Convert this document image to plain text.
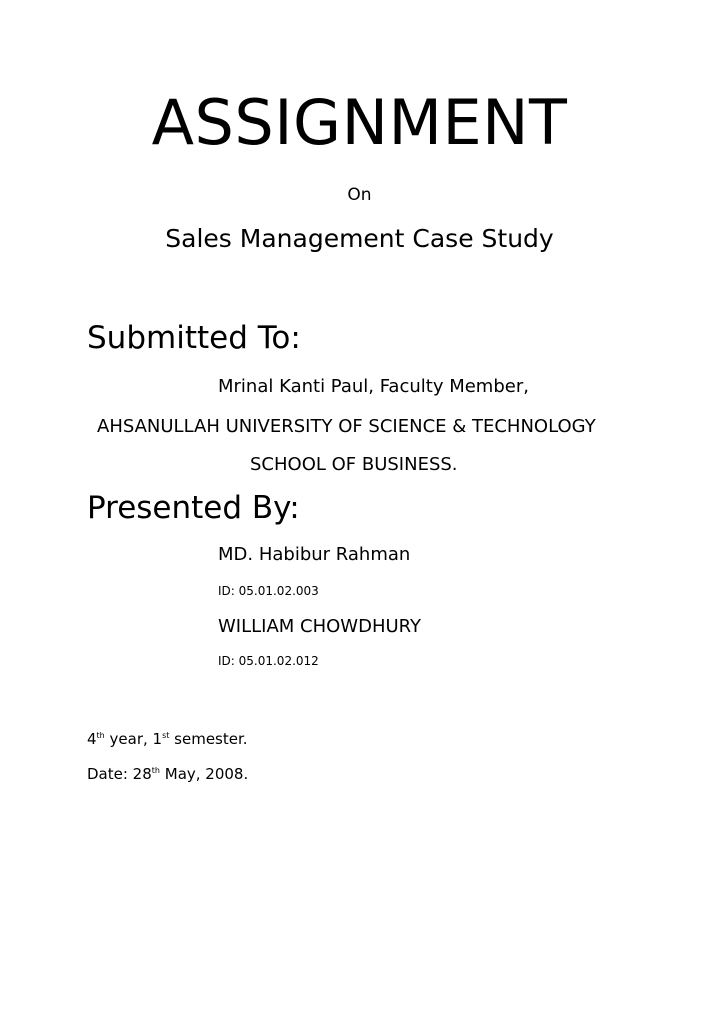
ASSIGNMENT
On
Sales Management Case Study
Submitted To:
Mrinal Kanti Paul, Faculty Member,
AHSANULLAH UNIVERSITY OF SCIENCE & TECHNOLOGY
SCHOOL OF BUSINESS.
Presented By:
MD. Habibur Rahman
ID: 05.01.02.003
WILLIAM CHOWDHURY
ID: 05.01.02.012
4th year, 1st semester.
Date: 28th May, 2008.
